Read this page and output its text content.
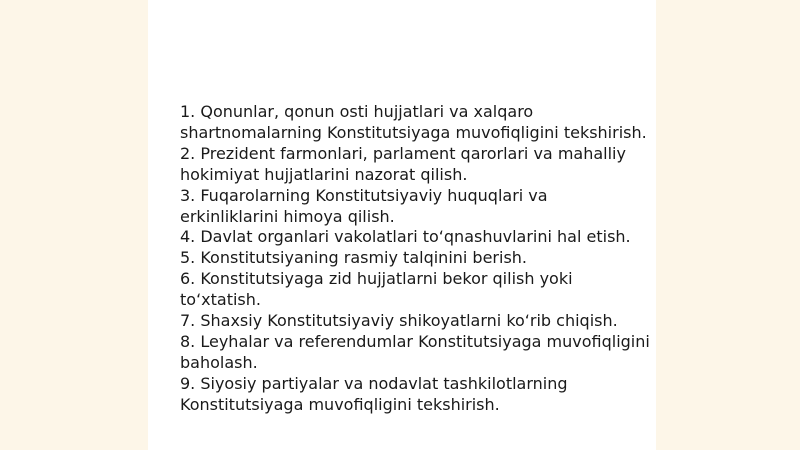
1. Qonunlar, qonun osti hujjatlari va xalqaro shartnomalarning Konstitutsiyaga muvofiqligini tekshirish.
2. Prezident farmonlari, parlament qarorlari va mahalliy hokimiyat hujjatlarini nazorat qilish.
3. Fuqarolarning Konstitutsiyaviy huquqlari va erkinliklarini himoya qilish.
4. Davlat organlari vakolatlari to‘qnashuvlarini hal etish.
5. Konstitutsiyaning rasmiy talqinini berish.
6. Konstitutsiyaga zid hujjatlarni bekor qilish yoki to‘xtatish.
7. Shaxsiy Konstitutsiyaviy shikoyatlarni ko‘rib chiqish.
8. Leyhalar va referendumlar Konstitutsiyaga muvofiqligini baholash.
9. Siyosiy partiyalar va nodavlat tashkilotlarning Konstitutsiyaga muvofiqligini tekshirish.
